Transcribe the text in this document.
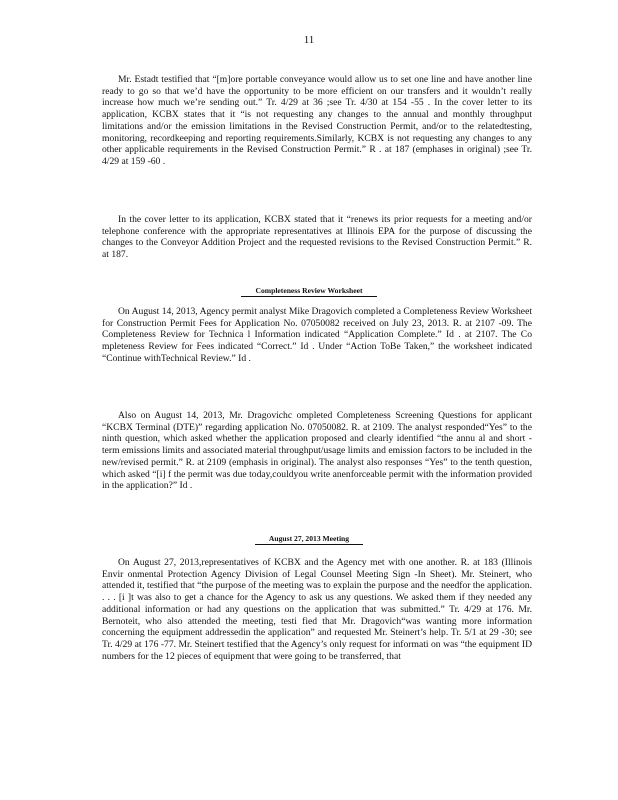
11

Mr. Estadt testified that “[m]ore portable conveyance would allow us to set one line and have another line ready to go so that we’d have the opportunity to be more efficient on our transfers and it wouldn’t really increase how much we’re sending out.” Tr. 4/29 at 36 ;see Tr. 4/30 at 154 -55 . In the cover letter to its application, KCBX states that it “is not requesting any changes to the annual and monthly throughput limitations and/or the emission limitations in the Revised Construction Permit, and/or to the relatedtesting, monitoring, recordkeeping and reporting requirements.Similarly, KCBX is not requesting any changes to any other applicable requirements in the Revised Construction Permit.” R . at 187 (emphases in original) ;see Tr. 4/29 at 159 -60 .

In the cover letter to its application, KCBX stated that it “renews its prior requests for a meeting and/or telephone conference with the appropriate representatives at Illinois EPA for the purpose of discussing the changes to the Conveyor Addition Project and the requested revisions to the Revised Construction Permit.” R. at 187.

Completeness Review Worksheet

On August 14, 2013, Agency permit analyst Mike Dragovich completed a Completeness Review Worksheet for Construction Permit Fees for Application No. 07050082 received on July 23, 2013. R. at 2107 -09. The Completeness Review for Technica l Information indicated “Application Complete.” Id . at 2107. The Co mpleteness Review for Fees indicated “Correct.” Id . Under “Action ToBe Taken,” the worksheet indicated “Continue withTechnical Review.” Id .

Also on August 14, 2013, Mr. Dragovichc ompleted Completeness Screening Questions for applicant “KCBX Terminal (DTE)” regarding application No. 07050082. R. at 2109. The analyst responded“Yes” to the ninth question, which asked whether the application proposed and clearly identified “the annu al and short -term emissions limits and associated material throughput/usage limits and emission factors to be included in the new/revised permit.” R. at 2109 (emphasis in original). The analyst also responses “Yes” to the tenth question, which asked “[i] f the permit was due today,couldyou write anenforceable permit with the information provided in the application?” Id .

August 27, 2013 Meeting

On August 27, 2013,representatives of KCBX and the Agency met with one another. R. at 183 (Illinois Envir onmental Protection Agency Division of Legal Counsel Meeting Sign -In Sheet). Mr. Steinert, who attended it, testified that “the purpose of the meeting was to explain the purpose and the needfor the application. . . . [i ]t was also to get a chance for the Agency to ask us any questions. We asked them if they needed any additional information or had any questions on the application that was submitted.” Tr. 4/29 at 176. Mr. Bernoteit, who also attended the meeting, testi fied that Mr. Dragovich“was wanting more information concerning the equipment addressedin the application” and requested Mr. Steinert’s help. Tr. 5/1 at 29 -30; see Tr. 4/29 at 176 -77. Mr. Steinert testified that the Agency’s only request for informati on was “the equipment ID numbers for the 12 pieces of equipment that were going to be transferred, that
